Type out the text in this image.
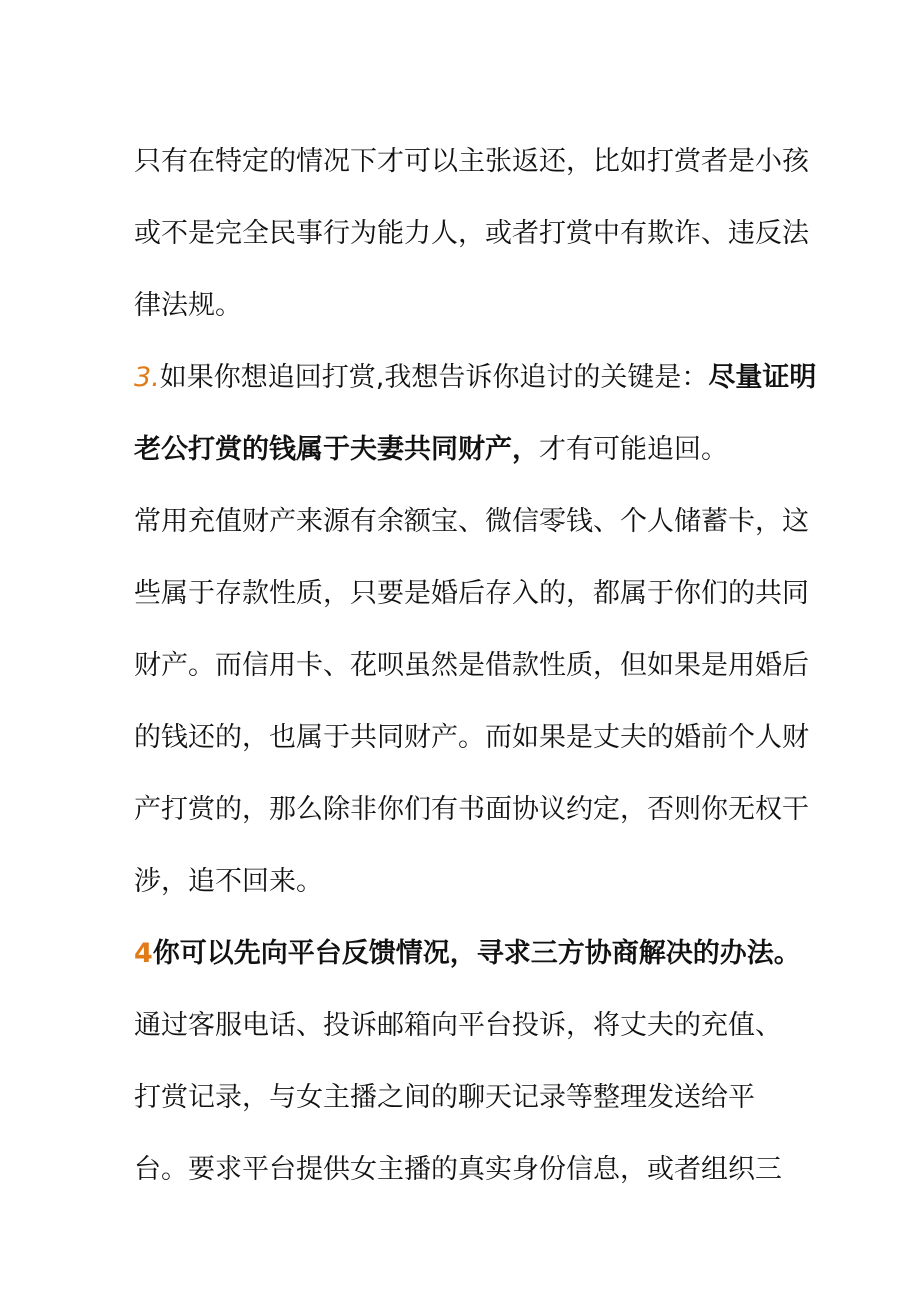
只有在特定的情况下才可以主张返还，比如打赏者是小孩
或不是完全民事行为能力人，或者打赏中有欺诈、违反法
律法规。
3.如果你想追回打赏,我想告诉你追讨的关键是：尽量证明
老公打赏的钱属于夫妻共同财产，才有可能追回。
常用充值财产来源有余额宝、微信零钱、个人储蓄卡，这
些属于存款性质，只要是婚后存入的，都属于你们的共同
财产。而信用卡、花呗虽然是借款性质，但如果是用婚后
的钱还的，也属于共同财产。而如果是丈夫的婚前个人财
产打赏的，那么除非你们有书面协议约定，否则你无权干
涉，追不回来。
4你可以先向平台反馈情况，寻求三方协商解决的办法。
通过客服电话、投诉邮箱向平台投诉，将丈夫的充值、
打赏记录，与女主播之间的聊天记录等整理发送给平
台。要求平台提供女主播的真实身份信息，或者组织三
